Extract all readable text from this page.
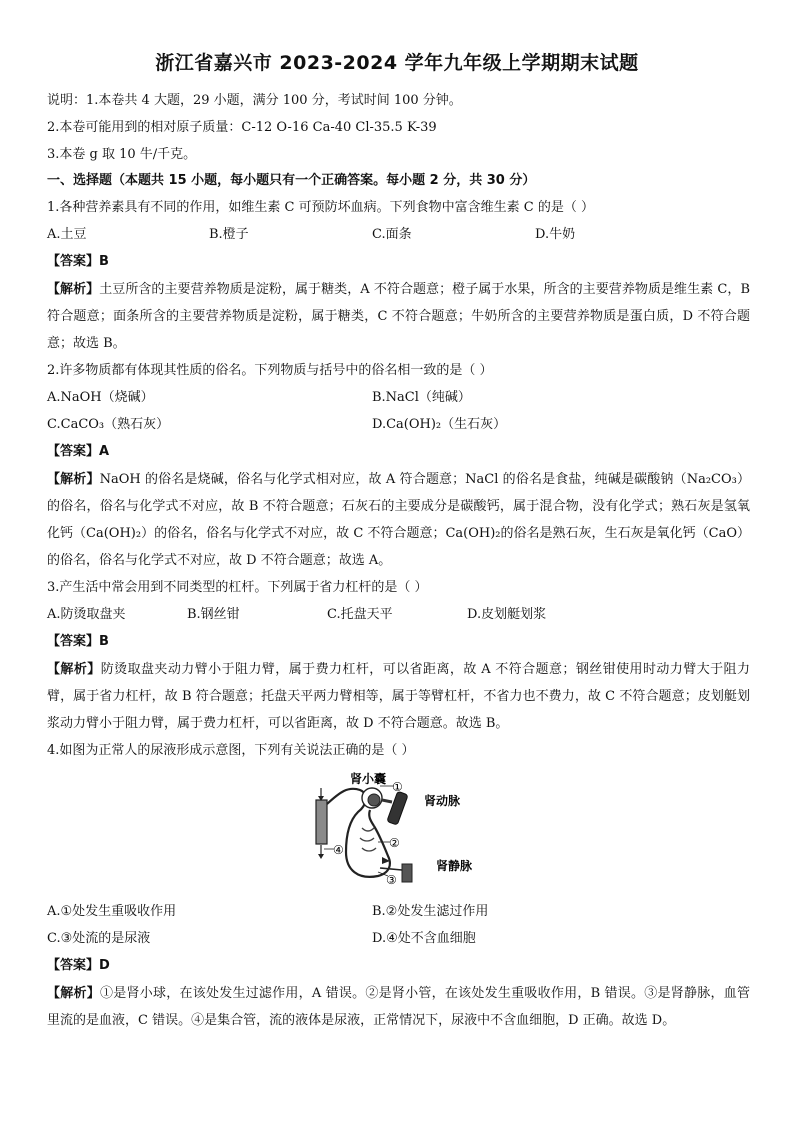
浙江省嘉兴市 2023-2024 学年九年级上学期期末试题
说明：1.本卷共 4 大题，29 小题，满分 100 分，考试时间 100 分钟。
2.本卷可能用到的相对原子质量：C-12 O-16 Ca-40 Cl-35.5 K-39
3.本卷 g 取 10 牛/千克。
一、选择题（本题共 15 小题，每小题只有一个正确答案。每小题 2 分，共 30 分）
1.各种营养素具有不同的作用，如维生素 C 可预防坏血病。下列食物中富含维生素 C 的是（ ）
A.土豆	B.橙子	C.面条	D.牛奶
【答案】B
【解析】土豆所含的主要营养物质是淀粉，属于糖类，A 不符合题意；橙子属于水果，所含的主要营养物质是维生素 C，B 符合题意；面条所含的主要营养物质是淀粉，属于糖类，C 不符合题意；牛奶所含的主要营养物质是蛋白质，D 不符合题意；故选 B。
2.许多物质都有体现其性质的俗名。下列物质与括号中的俗名相一致的是（ ）
A.NaOH（烧碱）	B.NaCl（纯碱）
C.CaCO₃（熟石灰）	D.Ca(OH)₂（生石灰）
【答案】A
【解析】NaOH 的俗名是烧碱，俗名与化学式相对应，故 A 符合题意；NaCl 的俗名是食盐，纯碱是碳酸钠（Na₂CO₃）的俗名，俗名与化学式不对应，故 B 不符合题意；石灰石的主要成分是碳酸钙，属于混合物，没有化学式；熟石灰是氢氧化钙（Ca(OH)₂）的俗名，俗名与化学式不对应，故 C 不符合题意；Ca(OH)₂的俗名是熟石灰，生石灰是氧化钙（CaO）的俗名，俗名与化学式不对应，故 D 不符合题意；故选 A。
3.产生活中常会用到不同类型的杠杆。下列属于省力杠杆的是（ ）
A.防烫取盘夹	B.钢丝钳	C.托盘天平	D.皮划艇划浆
【答案】B
【解析】防烫取盘夹动力臂小于阻力臂，属于费力杠杆，可以省距离，故 A 不符合题意；钢丝钳使用时动力臂大于阻力臂，属于省力杠杆，故 B 符合题意；托盘天平两力臂相等，属于等臂杠杆，不省力也不费力，故 C 不符合题意；皮划艇划浆动力臂小于阻力臂，属于费力杠杆，可以省距离，故 D 不符合题意。故选 B。
4.如图为正常人的尿液形成示意图，下列有关说法正确的是（ ）
肾小囊
肾动脉
肾静脉
①
②
③
④
A.①处发生重吸收作用	B.②处发生滤过作用
C.③处流的是尿液	D.④处不含血细胞
【答案】D
【解析】①是肾小球，在该处发生过滤作用，A 错误。②是肾小管，在该处发生重吸收作用，B 错误。③是肾静脉，血管里流的是血液，C 错误。④是集合管，流的液体是尿液，正常情况下，尿液中不含血细胞，D 正确。故选 D。
